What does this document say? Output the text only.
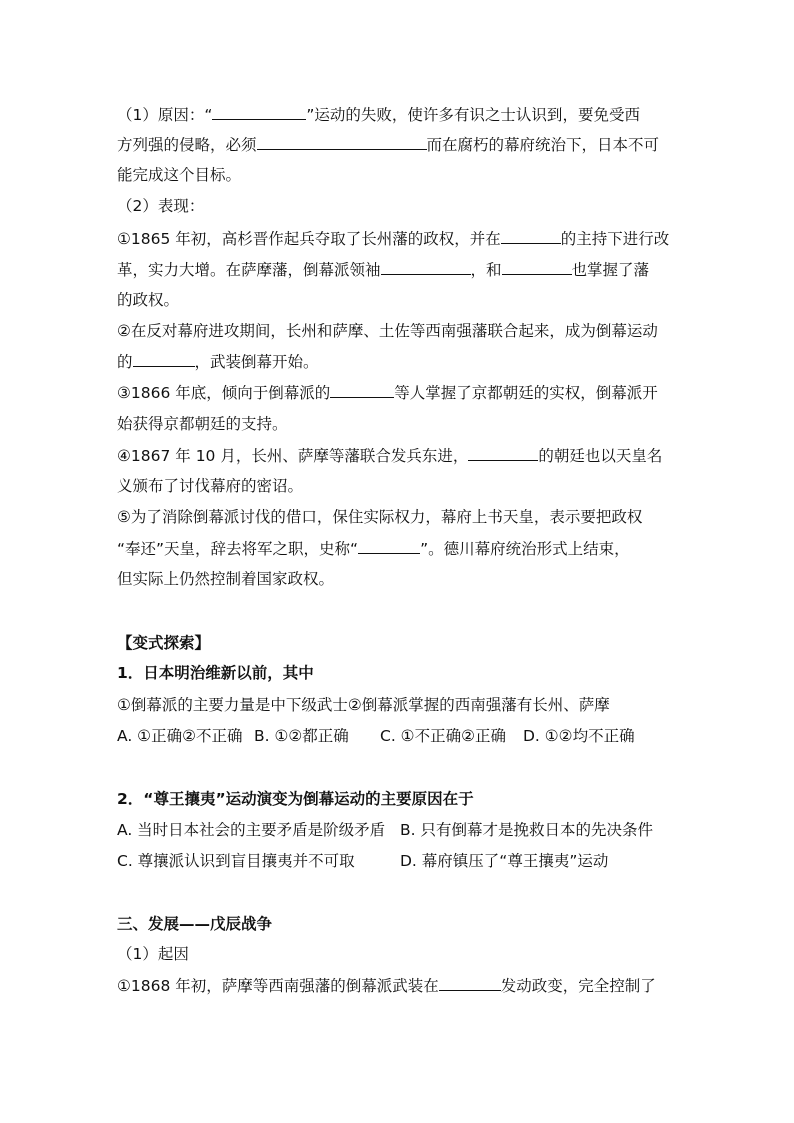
（1）原因：“	”运动的失败，使许多有识之士认识到，要免受西
方列强的侵略，必须	而在腐朽的幕府统治下，日本不可
能完成这个目标。
（2）表现：
①1865 年初，高杉晋作起兵夺取了长州藩的政权，并在	的主持下进行改
革，实力大增。在萨摩藩，倒幕派领袖	，和	也掌握了藩
的政权。
②在反对幕府进攻期间，长州和萨摩、土佐等西南强藩联合起来，成为倒幕运动
的	，武装倒幕开始。
③1866 年底，倾向于倒幕派的	等人掌握了京都朝廷的实权，倒幕派开
始获得京都朝廷的支持。
④1867 年 10 月，长州、萨摩等藩联合发兵东进，	的朝廷也以天皇名
义颁布了讨伐幕府的密诏。
⑤为了消除倒幕派讨伐的借口，保住实际权力，幕府上书天皇，表示要把政权
“奉还”天皇，辞去将军之职，史称“	”。德川幕府统治形式上结束，
但实际上仍然控制着国家政权。
【变式探索】
1．日本明治维新以前，其中
①倒幕派的主要力量是中下级武士②倒幕派掌握的西南强藩有长州、萨摩
A. ①正确②不正确 B. ①②都正确 C. ①不正确②正确 D. ①②均不正确
2．“尊王攘夷”运动演变为倒幕运动的主要原因在于
A. 当时日本社会的主要矛盾是阶级矛盾 B. 只有倒幕才是挽救日本的先决条件
C. 尊攘派认识到盲目攘夷并不可取	D. 幕府镇压了“尊王攘夷”运动
三、发展——戊辰战争
（1）起因
①1868 年初，萨摩等西南强藩的倒幕派武装在	发动政变，完全控制了
